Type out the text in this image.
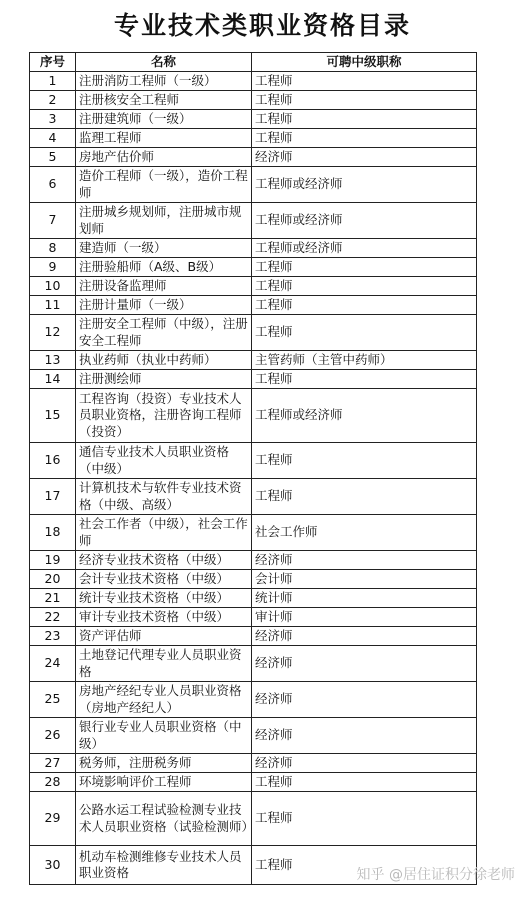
专业技术类职业资格目录
序号	名称	可聘中级职称
1	注册消防工程师（一级）	工程师
2	注册核安全工程师	工程师
3	注册建筑师（一级）	工程师
4	监理工程师	工程师
5	房地产估价师	经济师
6	造价工程师（一级），造价工程师	工程师或经济师
7	注册城乡规划师，注册城市规划师	工程师或经济师
8	建造师（一级）	工程师或经济师
9	注册验船师（A级、B级）	工程师
10	注册设备监理师	工程师
11	注册计量师（一级）	工程师
12	注册安全工程师（中级），注册安全工程师	工程师
13	执业药师（执业中药师）	主管药师（主管中药师）
14	注册测绘师	工程师
15	工程咨询（投资）专业技术人员职业资格，注册咨询工程师（投资）	工程师或经济师
16	通信专业技术人员职业资格（中级）	工程师
17	计算机技术与软件专业技术资格（中级、高级）	工程师
18	社会工作者（中级），社会工作师	社会工作师
19	经济专业技术资格（中级）	经济师
20	会计专业技术资格（中级）	会计师
21	统计专业技术资格（中级）	统计师
22	审计专业技术资格（中级）	审计师
23	资产评估师	经济师
24	土地登记代理专业人员职业资格	经济师
25	房地产经纪专业人员职业资格（房地产经纪人）	经济师
26	银行业专业人员职业资格（中级）	经济师
27	税务师，注册税务师	经济师
28	环境影响评价工程师	工程师
29	公路水运工程试验检测专业技术人员职业资格（试验检测师）	工程师
30	机动车检测维修专业技术人员职业资格	工程师
知乎 @居住证积分徐老师
